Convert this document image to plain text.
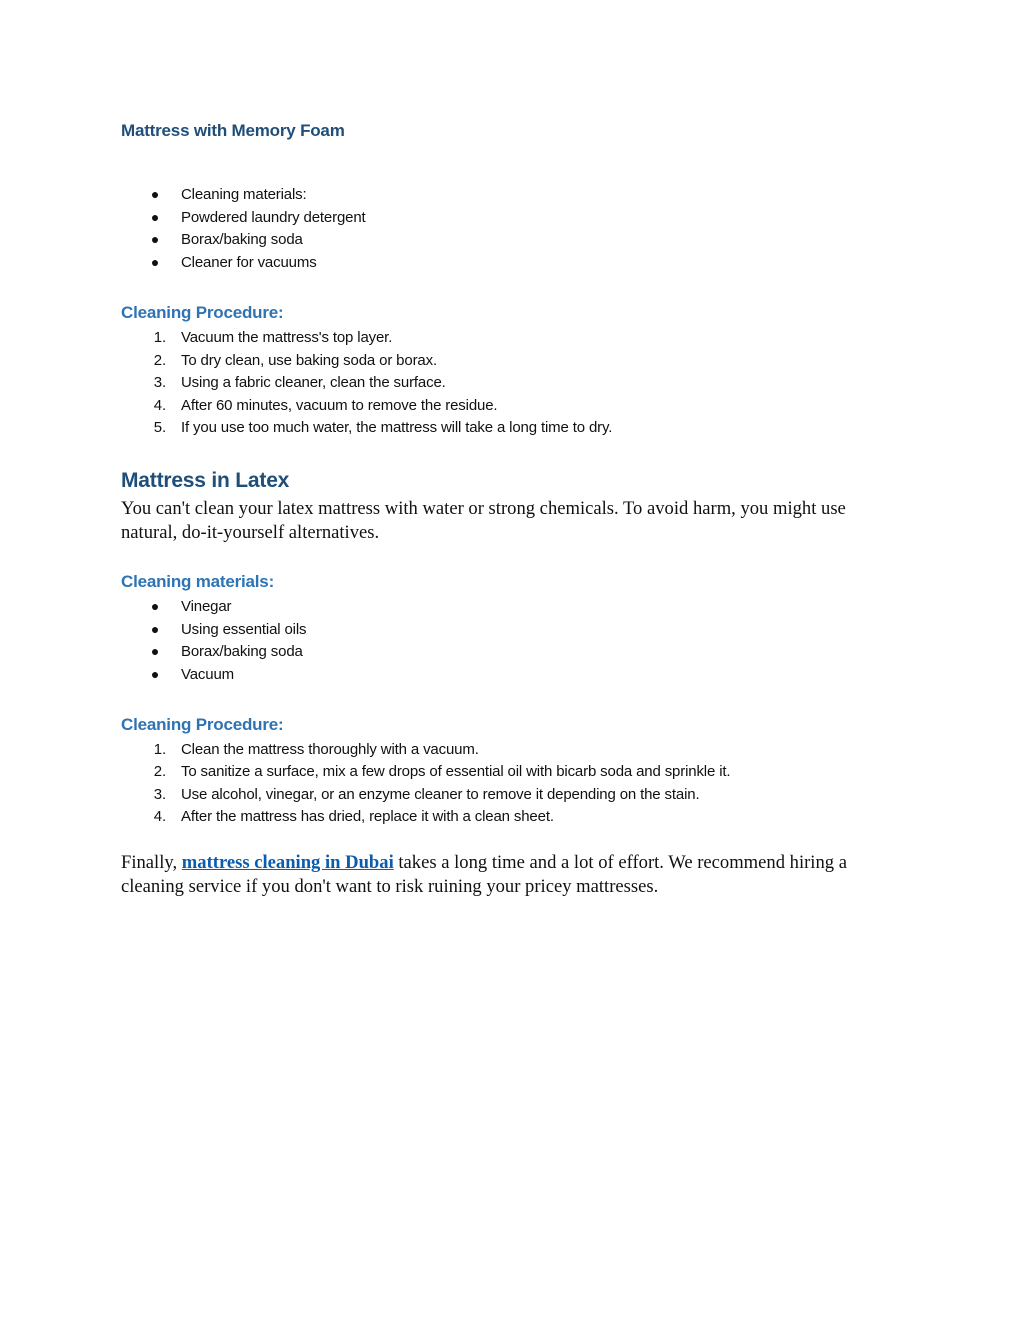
Mattress with Memory Foam
● Cleaning materials:
● Powdered laundry detergent
● Borax/baking soda
● Cleaner for vacuums
Cleaning Procedure:
1. Vacuum the mattress's top layer.
2. To dry clean, use baking soda or borax.
3. Using a fabric cleaner, clean the surface.
4. After 60 minutes, vacuum to remove the residue.
5. If you use too much water, the mattress will take a long time to dry.
Mattress in Latex

You can't clean your latex mattress with water or strong chemicals. To avoid harm, you might use natural, do-it-yourself alternatives.

Cleaning materials:
● Vinegar
● Using essential oils
● Borax/baking soda
● Vacuum
Cleaning Procedure:
1. Clean the mattress thoroughly with a vacuum.
2. To sanitize a surface, mix a few drops of essential oil with bicarb soda and sprinkle it.
3. Use alcohol, vinegar, or an enzyme cleaner to remove it depending on the stain.
4. After the mattress has dried, replace it with a clean sheet.

Finally, mattress cleaning in Dubai takes a long time and a lot of effort. We recommend hiring a cleaning service if you don't want to risk ruining your pricey mattresses.
